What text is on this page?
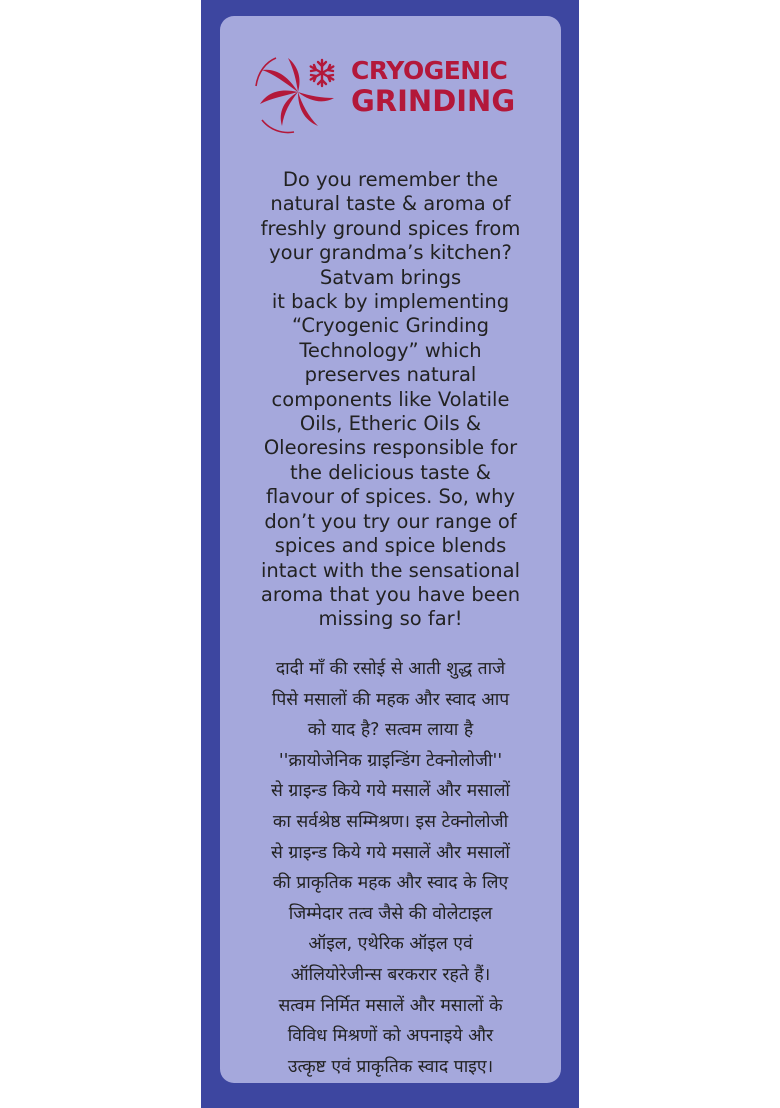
CRYOGENIC
GRINDING
Do you remember the
natural taste & aroma of
freshly ground spices from
your grandma’s kitchen?
Satvam brings
it back by implementing
“Cryogenic Grinding
Technology” which
preserves natural
components like Volatile
Oils, Etheric Oils &
Oleoresins responsible for
the delicious taste &
flavour of spices. So, why
don’t you try our range of
spices and spice blends
intact with the sensational
aroma that you have been
missing so far!
दादी माँ की रसोई से आती शुद्ध ताजे
पिसे मसालों की महक और स्वाद आप
को याद है? सत्वम लाया है
''क्रायोजेनिक ग्राइन्डिंग टेक्नोलोजी''
से ग्राइन्ड किये गये मसालें और मसालों
का सर्वश्रेष्ठ सम्मिश्रण। इस टेक्नोलोजी
से ग्राइन्ड किये गये मसालें और मसालों
की प्राकृतिक महक और स्वाद के लिए
जिम्मेदार तत्व जैसे की वोलेटाइल
ऑइल, एथेरिक ऑइल एवं
ऑलियोरेजीन्स बरकरार रहते हैं।
सत्वम निर्मित मसालें और मसालों के
विविध मिश्रणों को अपनाइये और
उत्कृष्ट एवं प्राकृतिक स्वाद पाइए।
